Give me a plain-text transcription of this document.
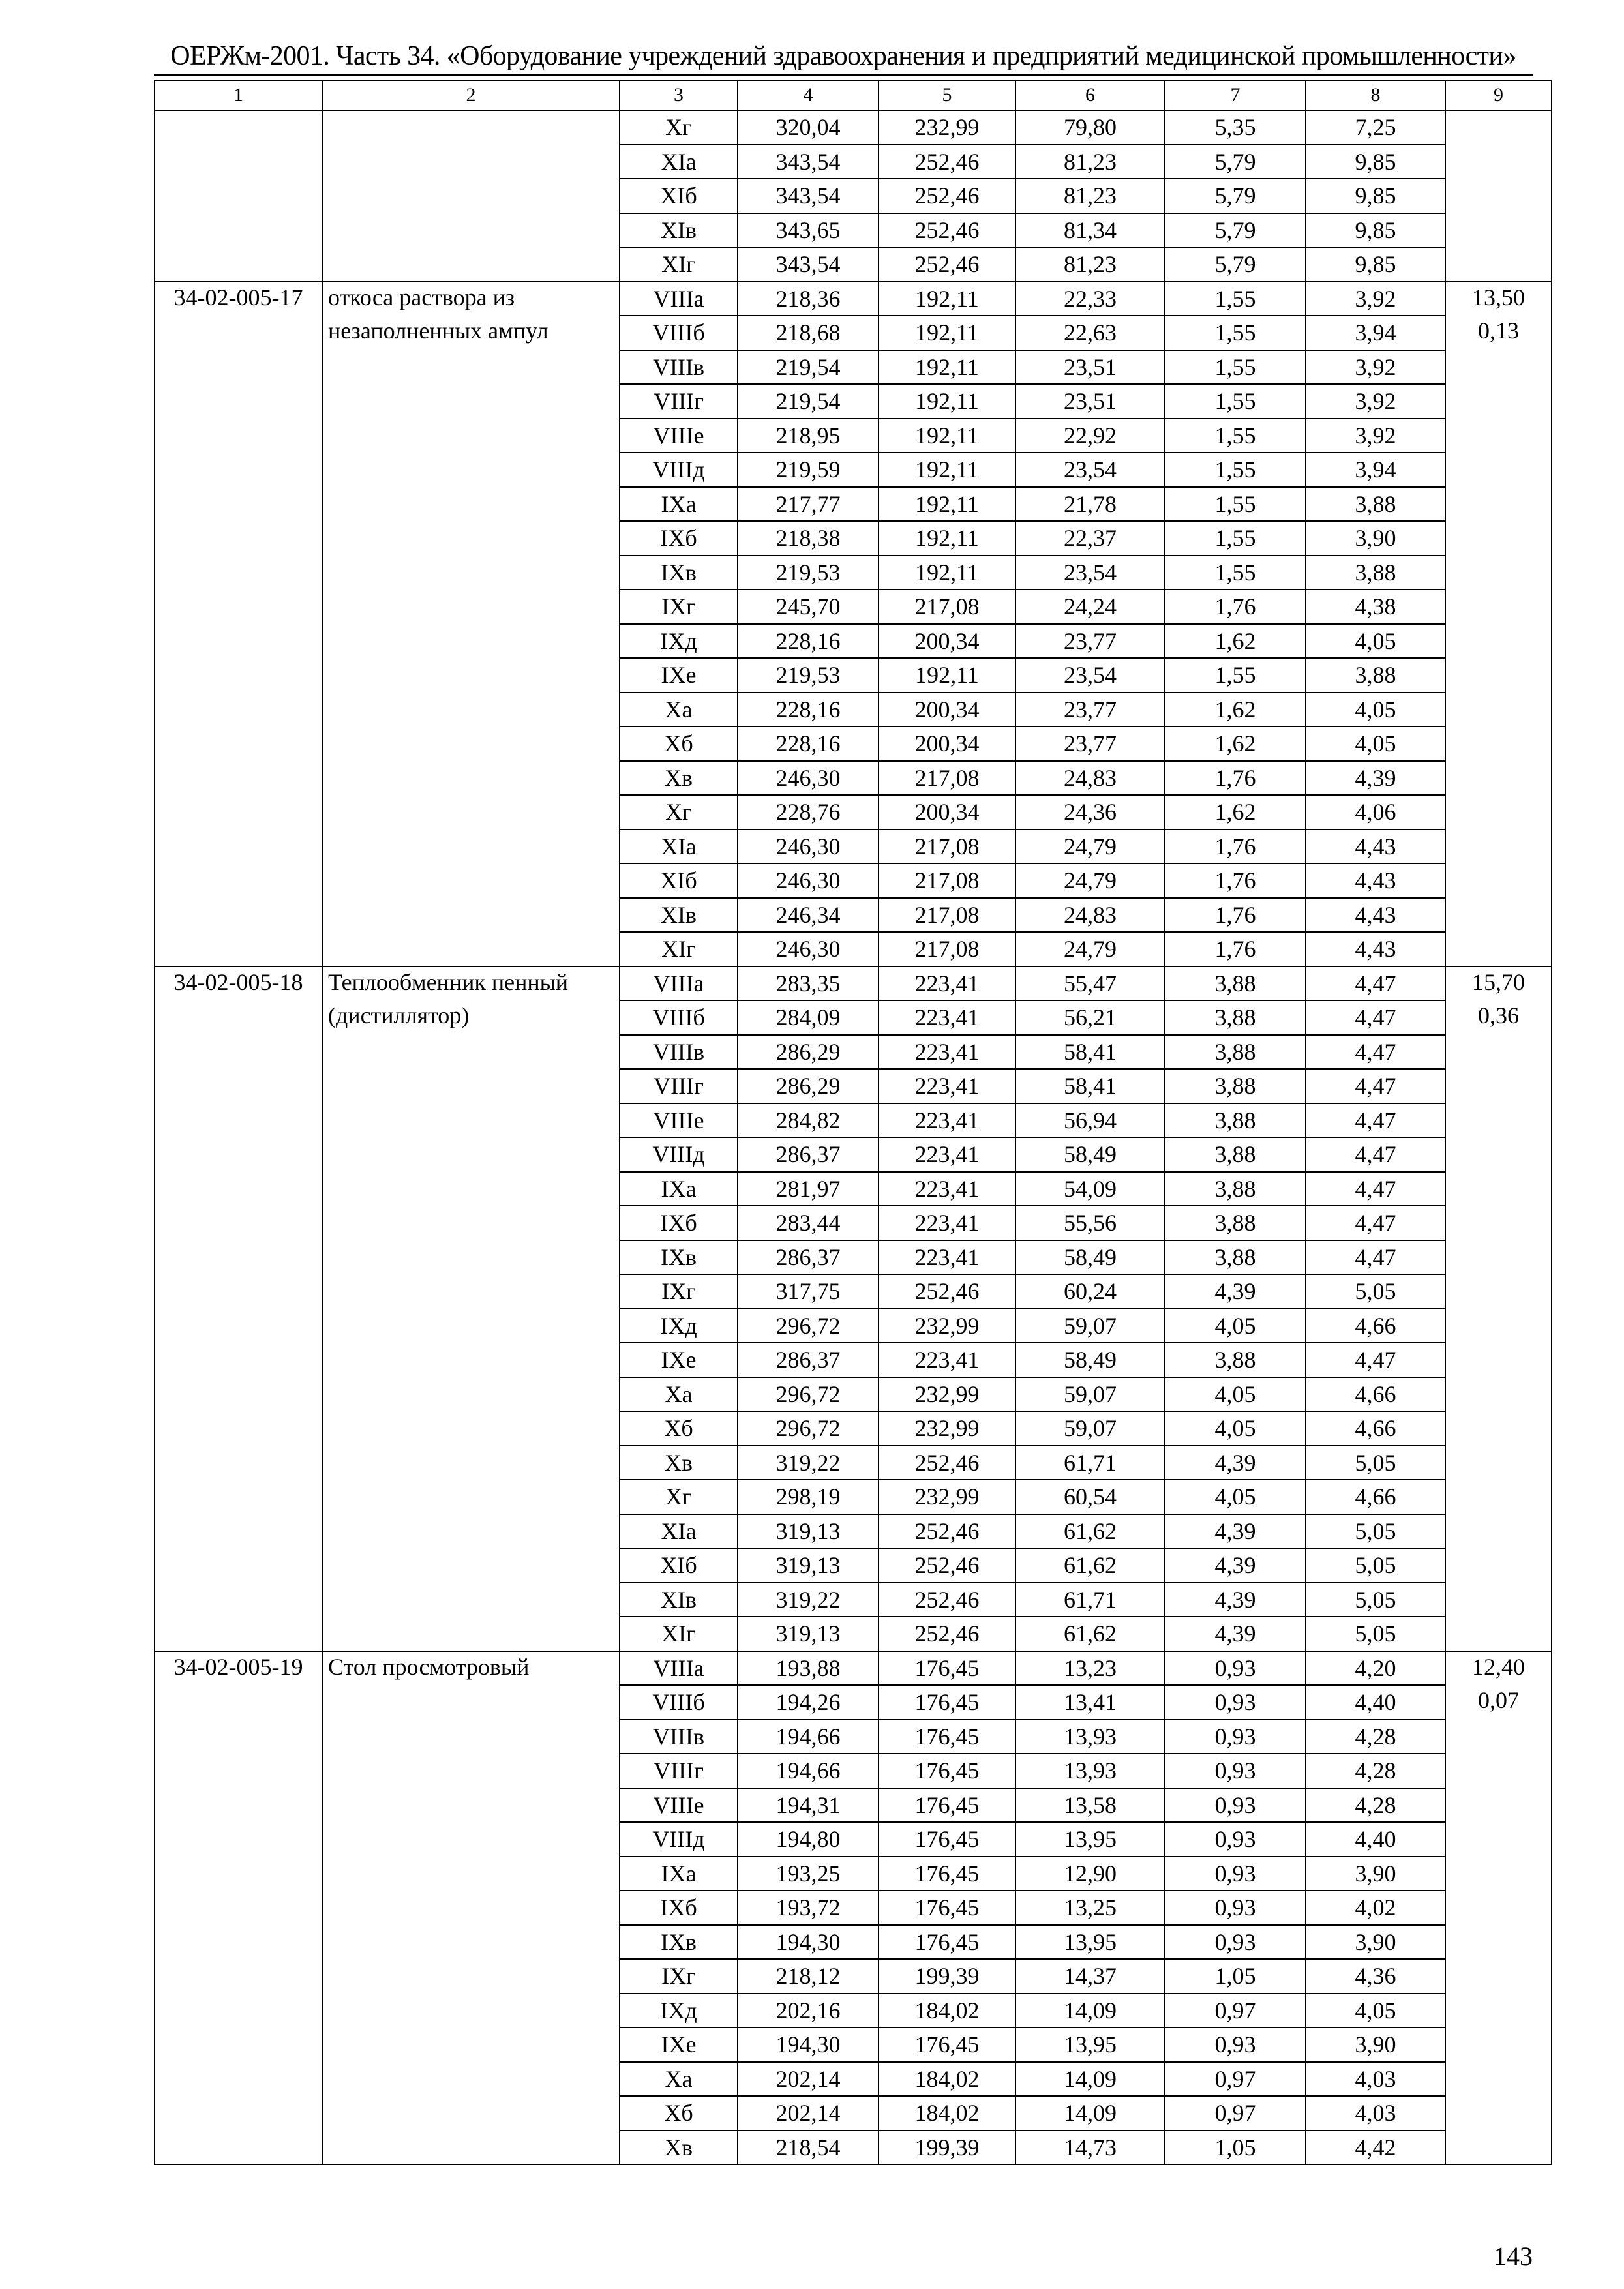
ОЕРЖм-2001. Часть 34. «Оборудование учреждений здравоохранения и предприятий медицинской промышленности»
1	2	3	4	5	6	7	8	9
		Xг	320,04	232,99	79,80	5,35	7,25	
		XIа	343,54	252,46	81,23	5,79	9,85	
		XIб	343,54	252,46	81,23	5,79	9,85	
		XIв	343,65	252,46	81,34	5,79	9,85	
		XIг	343,54	252,46	81,23	5,79	9,85	
34-02-005-17	откоса раствора из	VIIIа	218,36	192,11	22,33	1,55	3,92	13,50
	незаполненных ампул	VIIIб	218,68	192,11	22,63	1,55	3,94	0,13
		VIIIв	219,54	192,11	23,51	1,55	3,92	
		VIIIг	219,54	192,11	23,51	1,55	3,92	
		VIIIе	218,95	192,11	22,92	1,55	3,92	
		VIIIд	219,59	192,11	23,54	1,55	3,94	
		IXа	217,77	192,11	21,78	1,55	3,88	
		IXб	218,38	192,11	22,37	1,55	3,90	
		IXв	219,53	192,11	23,54	1,55	3,88	
		IXг	245,70	217,08	24,24	1,76	4,38	
		IXд	228,16	200,34	23,77	1,62	4,05	
		IXе	219,53	192,11	23,54	1,55	3,88	
		Xа	228,16	200,34	23,77	1,62	4,05	
		Xб	228,16	200,34	23,77	1,62	4,05	
		Xв	246,30	217,08	24,83	1,76	4,39	
		Xг	228,76	200,34	24,36	1,62	4,06	
		XIа	246,30	217,08	24,79	1,76	4,43	
		XIб	246,30	217,08	24,79	1,76	4,43	
		XIв	246,34	217,08	24,83	1,76	4,43	
		XIг	246,30	217,08	24,79	1,76	4,43	
34-02-005-18	Теплообменник пенный	VIIIа	283,35	223,41	55,47	3,88	4,47	15,70
	(дистиллятор)	VIIIб	284,09	223,41	56,21	3,88	4,47	0,36
		VIIIв	286,29	223,41	58,41	3,88	4,47	
		VIIIг	286,29	223,41	58,41	3,88	4,47	
		VIIIе	284,82	223,41	56,94	3,88	4,47	
		VIIIд	286,37	223,41	58,49	3,88	4,47	
		IXа	281,97	223,41	54,09	3,88	4,47	
		IXб	283,44	223,41	55,56	3,88	4,47	
		IXв	286,37	223,41	58,49	3,88	4,47	
		IXг	317,75	252,46	60,24	4,39	5,05	
		IXд	296,72	232,99	59,07	4,05	4,66	
		IXе	286,37	223,41	58,49	3,88	4,47	
		Xа	296,72	232,99	59,07	4,05	4,66	
		Xб	296,72	232,99	59,07	4,05	4,66	
		Xв	319,22	252,46	61,71	4,39	5,05	
		Xг	298,19	232,99	60,54	4,05	4,66	
		XIа	319,13	252,46	61,62	4,39	5,05	
		XIб	319,13	252,46	61,62	4,39	5,05	
		XIв	319,22	252,46	61,71	4,39	5,05	
		XIг	319,13	252,46	61,62	4,39	5,05	
34-02-005-19	Стол просмотровый	VIIIа	193,88	176,45	13,23	0,93	4,20	12,40
		VIIIб	194,26	176,45	13,41	0,93	4,40	0,07
		VIIIв	194,66	176,45	13,93	0,93	4,28	
		VIIIг	194,66	176,45	13,93	0,93	4,28	
		VIIIе	194,31	176,45	13,58	0,93	4,28	
		VIIIд	194,80	176,45	13,95	0,93	4,40	
		IXа	193,25	176,45	12,90	0,93	3,90	
		IXб	193,72	176,45	13,25	0,93	4,02	
		IXв	194,30	176,45	13,95	0,93	3,90	
		IXг	218,12	199,39	14,37	1,05	4,36	
		IXд	202,16	184,02	14,09	0,97	4,05	
		IXе	194,30	176,45	13,95	0,93	3,90	
		Xа	202,14	184,02	14,09	0,97	4,03	
		Xб	202,14	184,02	14,09	0,97	4,03	
		Xв	218,54	199,39	14,73	1,05	4,42	
143
